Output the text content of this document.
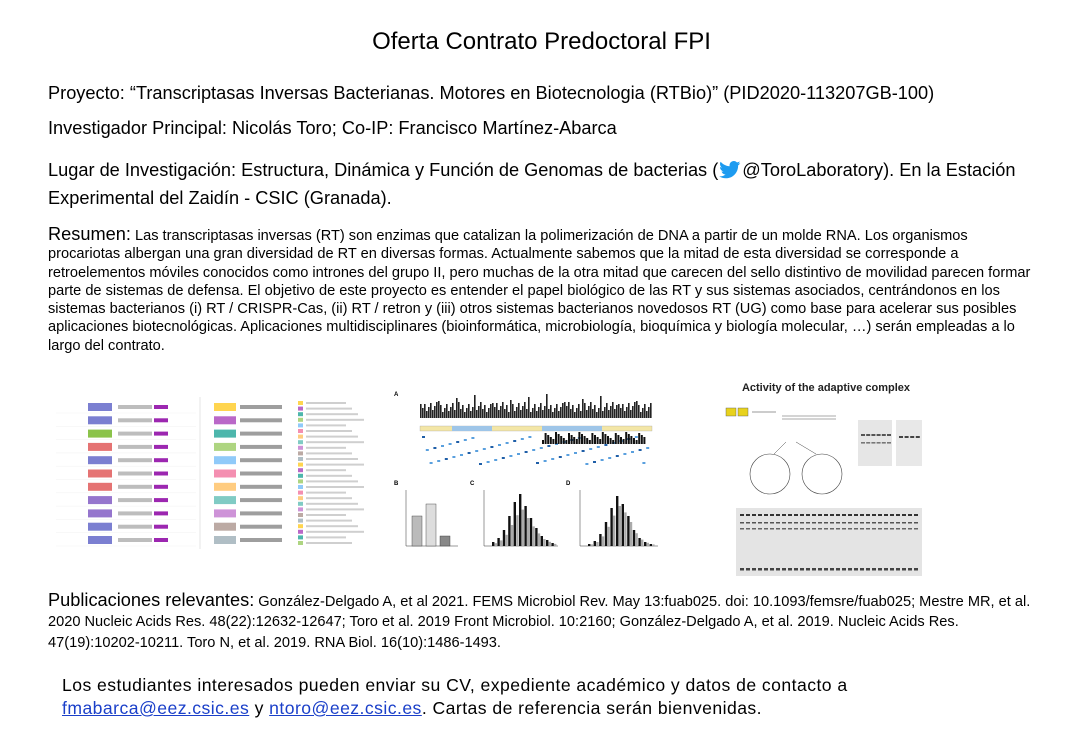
Oferta Contrato Predoctoral FPI
Proyecto: “Transcriptasas Inversas Bacterianas. Motores en Biotecnologia (RTBio)” (PID2020-113207GB-100)
Investigador Principal: Nicolás Toro; Co-IP: Francisco Martínez-Abarca
Lugar de Investigación: Estructura, Dinámica y Función de Genomas de bacterias ( @ToroLaboratory). En la Estación Experimental del Zaidín - CSIC (Granada).
Resumen: Las transcriptasas inversas (RT) son enzimas que catalizan la polimerización de DNA a partir de un molde RNA. Los organismos procariotas albergan una gran diversidad de RT en diversas formas. Actualmente sabemos que la mitad de esta diversidad se corresponde a retroelementos móviles conocidos como intrones del grupo II, pero muchas de la otra mitad que carecen del sello distintivo de movilidad parecen formar parte de sistemas de defensa. El objetivo de este proyecto es entender el papel biológico de las RT y sus sistemas asociados, centrándonos en los sistemas bacterianos (i) RT / CRISPR-Cas, (ii) RT / retron y (iii) otros sistemas bacterianos novedosos RT (UG) como base para acelerar sus posibles aplicaciones biotecnológicas. Aplicaciones multidisciplinares (bioinformática, microbiología, bioquímica y biología molecular, …) serán empleadas a lo largo del contrato.
A
B	C	D
Activity of the adaptive complex
Publicaciones relevantes: González-Delgado A, et al 2021. FEMS Microbiol Rev. May 13:fuab025. doi: 10.1093/femsre/fuab025; Mestre MR, et al. 2020 Nucleic Acids Res. 48(22):12632-12647; Toro et al. 2019 Front Microbiol. 10:2160; González-Delgado A, et al. 2019. Nucleic Acids Res. 47(19):10202-10211. Toro N, et al. 2019. RNA Biol. 16(10):1486-1493.
Los estudiantes interesados pueden enviar su CV, expediente académico y datos de contacto a fmabarca@eez.csic.es y ntoro@eez.csic.es. Cartas de referencia serán bienvenidas.
